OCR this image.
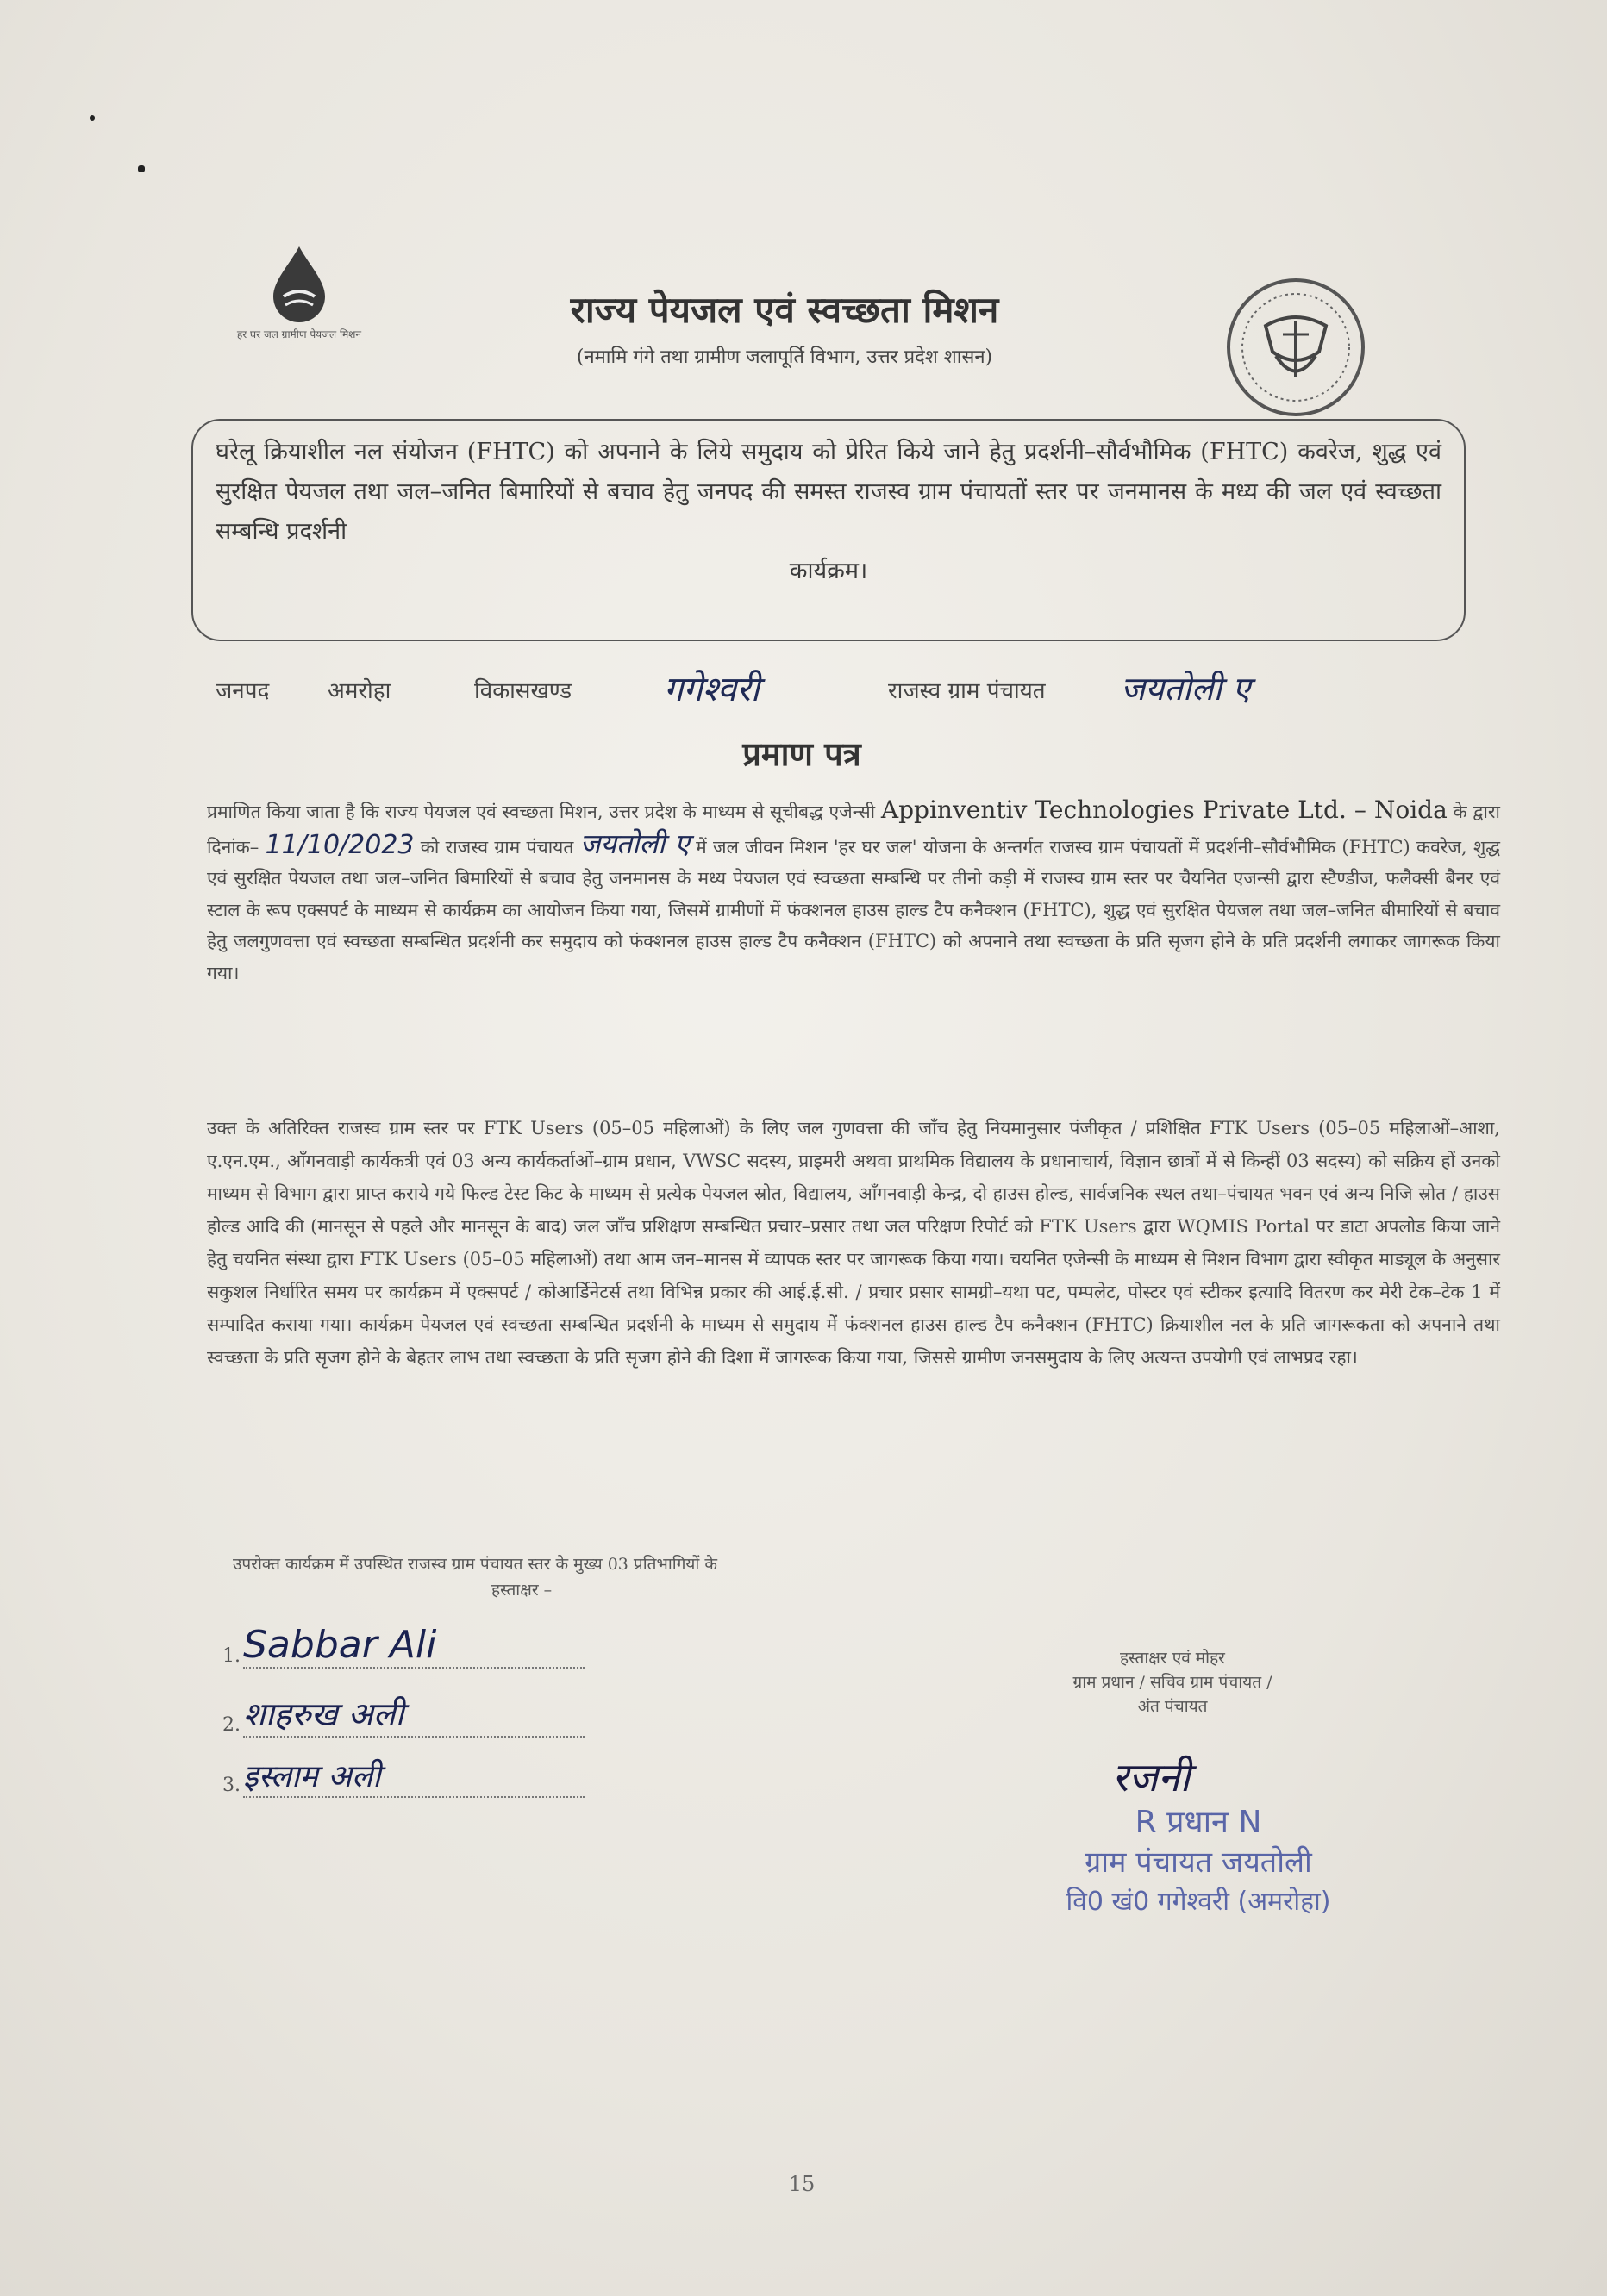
हर घर जल ग्रामीण पेयजल मिशन
राज्य पेयजल एवं स्वच्छता मिशन
(नमामि गंगे तथा ग्रामीण जलापूर्ति विभाग, उत्तर प्रदेश शासन)
घरेलू क्रियाशील नल संयोजन (FHTC) को अपनाने के लिये समुदाय को प्रेरित किये जाने हेतु प्रदर्शनी–सौर्वभौमिक (FHTC) कवरेज, शुद्ध एवं सुरक्षित पेयजल तथा जल–जनित बिमारियों से बचाव हेतु जनपद की समस्त राजस्व ग्राम पंचायतों स्तर पर जनमानस के मध्य की जल एवं स्वच्छता सम्बन्धि प्रदर्शनी
कार्यक्रम।
जनपद	अमरोहा	विकासखण्ड	गगेश्वरी	राजस्व ग्राम पंचायत जयतोली ए
प्रमाण पत्र
प्रमाणित किया जाता है कि राज्य पेयजल एवं स्वच्छता मिशन, उत्तर प्रदेश के माध्यम से सूचीबद्ध एजेन्सी Appinventiv Technologies Private Ltd. – Noida के द्वारा दिनांक– 11/10/2023 को राजस्व ग्राम पंचायत जयतोली ए में जल जीवन मिशन 'हर घर जल' योजना के अन्तर्गत राजस्व ग्राम पंचायतों में प्रदर्शनी–सौर्वभौमिक (FHTC) कवरेज, शुद्ध एवं सुरक्षित पेयजल तथा जल–जनित बिमारियों से बचाव हेतु जनमानस के मध्य पेयजल एवं स्वच्छता सम्बन्धि पर तीनो कड़ी में राजस्व ग्राम स्तर पर चैयनित एजन्सी द्वारा स्टैण्डीज, फलैक्सी बैनर एवं स्टाल के रूप एक्सपर्ट के माध्यम से कार्यक्रम का आयोजन किया गया, जिसमें ग्रामीणों में फंक्शनल हाउस हाल्ड टैप कनैक्शन (FHTC), शुद्ध एवं सुरक्षित पेयजल तथा जल–जनित बीमारियों से बचाव हेतु जलगुणवत्ता एवं स्वच्छता सम्बन्धित प्रदर्शनी कर समुदाय को फंक्शनल हाउस हाल्ड टैप कनैक्शन (FHTC) को अपनाने तथा स्वच्छता के प्रति सृजग होने के प्रति प्रदर्शनी लगाकर जागरूक किया गया।
उक्त के अतिरिक्त राजस्व ग्राम स्तर पर FTK Users (05–05 महिलाओं) के लिए जल गुणवत्ता की जाँच हेतु नियमानुसार पंजीकृत / प्रशिक्षित FTK Users (05–05 महिलाओं–आशा, ए.एन.एम., आँगनवाड़ी कार्यकत्री एवं 03 अन्य कार्यकर्ताओं–ग्राम प्रधान, VWSC सदस्य, प्राइमरी अथवा प्राथमिक विद्यालय के प्रधानाचार्य, विज्ञान छात्रों में से किन्हीं 03 सदस्य) को सक्रिय हों उनको माध्यम से विभाग द्वारा प्राप्त कराये गये फिल्ड टेस्ट किट के माध्यम से प्रत्येक पेयजल स्रोत, विद्यालय, आँगनवाड़ी केन्द्र, दो हाउस होल्ड, सार्वजनिक स्थल तथा–पंचायत भवन एवं अन्य निजि स्रोत / हाउस होल्ड आदि की (मानसून से पहले और मानसून के बाद) जल जाँच प्रशिक्षण सम्बन्धित प्रचार–प्रसार तथा जल परिक्षण रिपोर्ट को FTK Users द्वारा WQMIS Portal पर डाटा अपलोड किया जाने हेतु चयनित संस्था द्वारा FTK Users (05–05 महिलाओं) तथा आम जन–मानस में व्यापक स्तर पर जागरूक किया गया। चयनित एजेन्सी के माध्यम से मिशन विभाग द्वारा स्वीकृत माड्यूल के अनुसार सकुशल निर्धारित समय पर कार्यक्रम में एक्सपर्ट / कोआर्डिनेटर्स तथा विभिन्न प्रकार की आई.ई.सी. / प्रचार प्रसार सामग्री–यथा पट, पम्पलेट, पोस्टर एवं स्टीकर इत्यादि वितरण कर मेरी टेक–टेक 1 में सम्पादित कराया गया। कार्यक्रम पेयजल एवं स्वच्छता सम्बन्धित प्रदर्शनी के माध्यम से समुदाय में फंक्शनल हाउस हाल्ड टैप कनैक्शन (FHTC) क्रियाशील नल के प्रति जागरूकता को अपनाने तथा स्वच्छता के प्रति सृजग होने के बेहतर लाभ तथा स्वच्छता के प्रति सृजग होने की दिशा में जागरूक किया गया, जिससे ग्रामीण जनसमुदाय के लिए अत्यन्त उपयोगी एवं लाभप्रद रहा।
उपरोक्त कार्यक्रम में उपस्थित राजस्व ग्राम पंचायत स्तर के मुख्य 03 प्रतिभागियों के
हस्ताक्षर –
1. Sabbar Ali
2. शाहरुख अली
3. इस्लाम अली
हस्ताक्षर एवं मोहर
ग्राम प्रधान / सचिव ग्राम पंचायत /
अंत पंचायत
रजनी
R प्रधान N
ग्राम पंचायत जयतोली
वि0 खं0 गगेश्वरी (अमरोहा)
15
